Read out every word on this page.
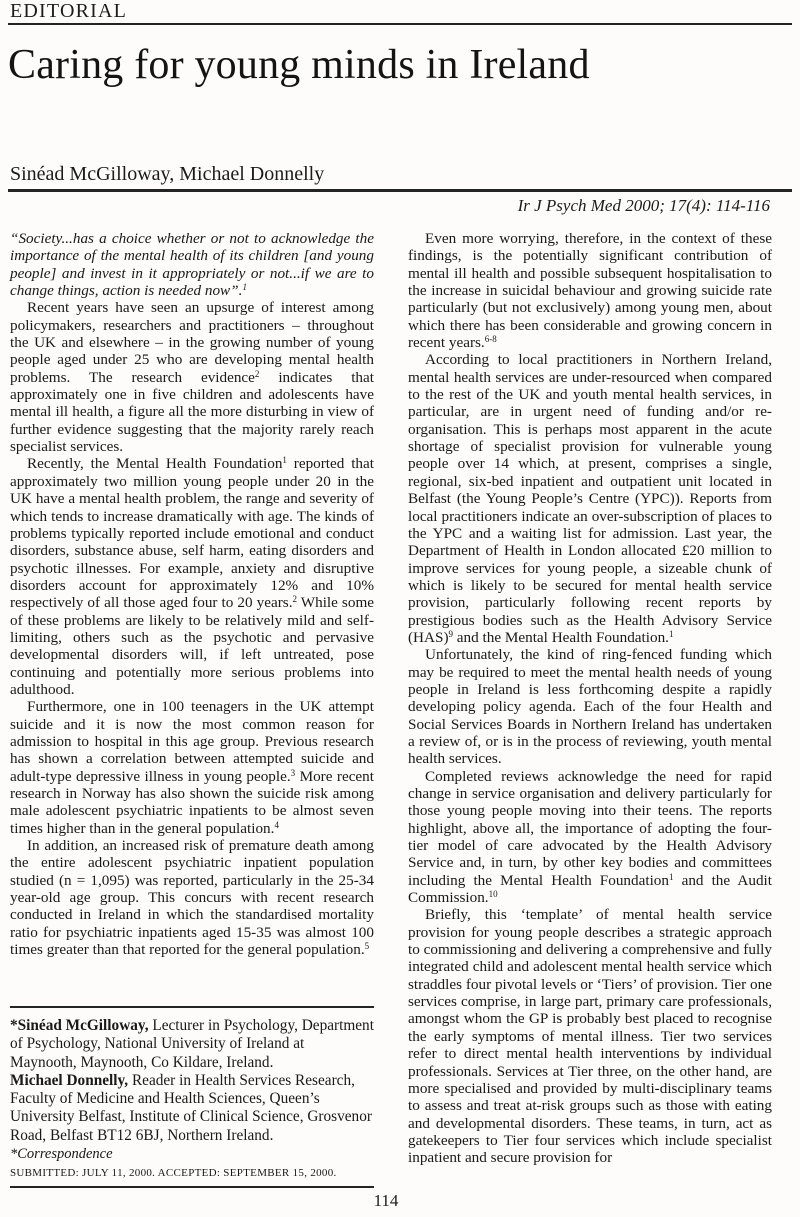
EDITORIAL
Caring for young minds in Ireland
Sinéad McGilloway, Michael Donnelly
Ir J Psych Med 2000; 17(4): 114-116

“Society...has a choice whether or not to acknowledge the importance of the mental health of its children [and young people] and invest in it appropriately or not...if we are to change things, action is needed now”.$^1$

Recent years have seen an upsurge of interest among policymakers, researchers and practitioners – throughout the UK and elsewhere – in the growing number of young people aged under 25 who are developing mental health problems. The research evidence$^2$ indicates that approximately one in five children and adolescents have mental ill health, a figure all the more disturbing in view of further evidence suggesting that the majority rarely reach specialist services.

Recently, the Mental Health Foundation$^1$ reported that approximately two million young people under 20 in the UK have a mental health problem, the range and severity of which tends to increase dramatically with age. The kinds of problems typically reported include emotional and conduct disorders, substance abuse, self harm, eating disorders and psychotic illnesses. For example, anxiety and disruptive disorders account for approximately 12% and 10% respectively of all those aged four to 20 years.$^2$ While some of these problems are likely to be relatively mild and self-limiting, others such as the psychotic and pervasive developmental disorders will, if left untreated, pose continuing and potentially more serious problems into adulthood.

Furthermore, one in 100 teenagers in the UK attempt suicide and it is now the most common reason for admission to hospital in this age group. Previous research has shown a correlation between attempted suicide and adult-type depressive illness in young people.$^3$ More recent research in Norway has also shown the suicide risk among male adolescent psychiatric inpatients to be almost seven times higher than in the general population.$^4$

In addition, an increased risk of premature death among the entire adolescent psychiatric inpatient population studied (n = 1,095) was reported, particularly in the 25-34 year-old age group. This concurs with recent research conducted in Ireland in which the standardised mortality ratio for psychiatric inpatients aged 15-35 was almost 100 times greater than that reported for the general population.$^5$

*Sinéad McGilloway, Lecturer in Psychology, Department of Psychology, National University of Ireland at Maynooth, Maynooth, Co Kildare, Ireland.

Michael Donnelly, Reader in Health Services Research, Faculty of Medicine and Health Sciences, Queen’s University Belfast, Institute of Clinical Science, Grosvenor Road, Belfast BT12 6BJ, Northern Ireland.

*Correspondence

SUBMITTED: JULY 11, 2000. ACCEPTED: SEPTEMBER 15, 2000.

Even more worrying, therefore, in the context of these findings, is the potentially significant contribution of mental ill health and possible subsequent hospitalisation to the increase in suicidal behaviour and growing suicide rate particularly (but not exclusively) among young men, about which there has been considerable and growing concern in recent years.$^{6-8}$

According to local practitioners in Northern Ireland, mental health services are under-resourced when compared to the rest of the UK and youth mental health services, in particular, are in urgent need of funding and/or re-organisation. This is perhaps most apparent in the acute shortage of specialist provision for vulnerable young people over 14 which, at present, comprises a single, regional, six-bed inpatient and outpatient unit located in Belfast (the Young People’s Centre (YPC)). Reports from local practitioners indicate an over-subscription of places to the YPC and a waiting list for admission. Last year, the Department of Health in London allocated £20 million to improve services for young people, a sizeable chunk of which is likely to be secured for mental health service provision, particularly following recent reports by prestigious bodies such as the Health Advisory Service (HAS)$^9$ and the Mental Health Foundation.$^1$

Unfortunately, the kind of ring-fenced funding which may be required to meet the mental health needs of young people in Ireland is less forthcoming despite a rapidly developing policy agenda. Each of the four Health and Social Services Boards in Northern Ireland has undertaken a review of, or is in the process of reviewing, youth mental health services.

Completed reviews acknowledge the need for rapid change in service organisation and delivery particularly for those young people moving into their teens. The reports highlight, above all, the importance of adopting the four-tier model of care advocated by the Health Advisory Service and, in turn, by other key bodies and committees including the Mental Health Foundation$^1$ and the Audit Commission.$^{10}$

Briefly, this ‘template’ of mental health service provision for young people describes a strategic approach to commissioning and delivering a comprehensive and fully integrated child and adolescent mental health service which straddles four pivotal levels or ‘Tiers’ of provision. Tier one services comprise, in large part, primary care professionals, amongst whom the GP is probably best placed to recognise the early symptoms of mental illness. Tier two services refer to direct mental health interventions by individual professionals. Services at Tier three, on the other hand, are more specialised and provided by multi-disciplinary teams to assess and treat at-risk groups such as those with eating and developmental disorders. These teams, in turn, act as gatekeepers to Tier four services which include specialist inpatient and secure provision for

114
